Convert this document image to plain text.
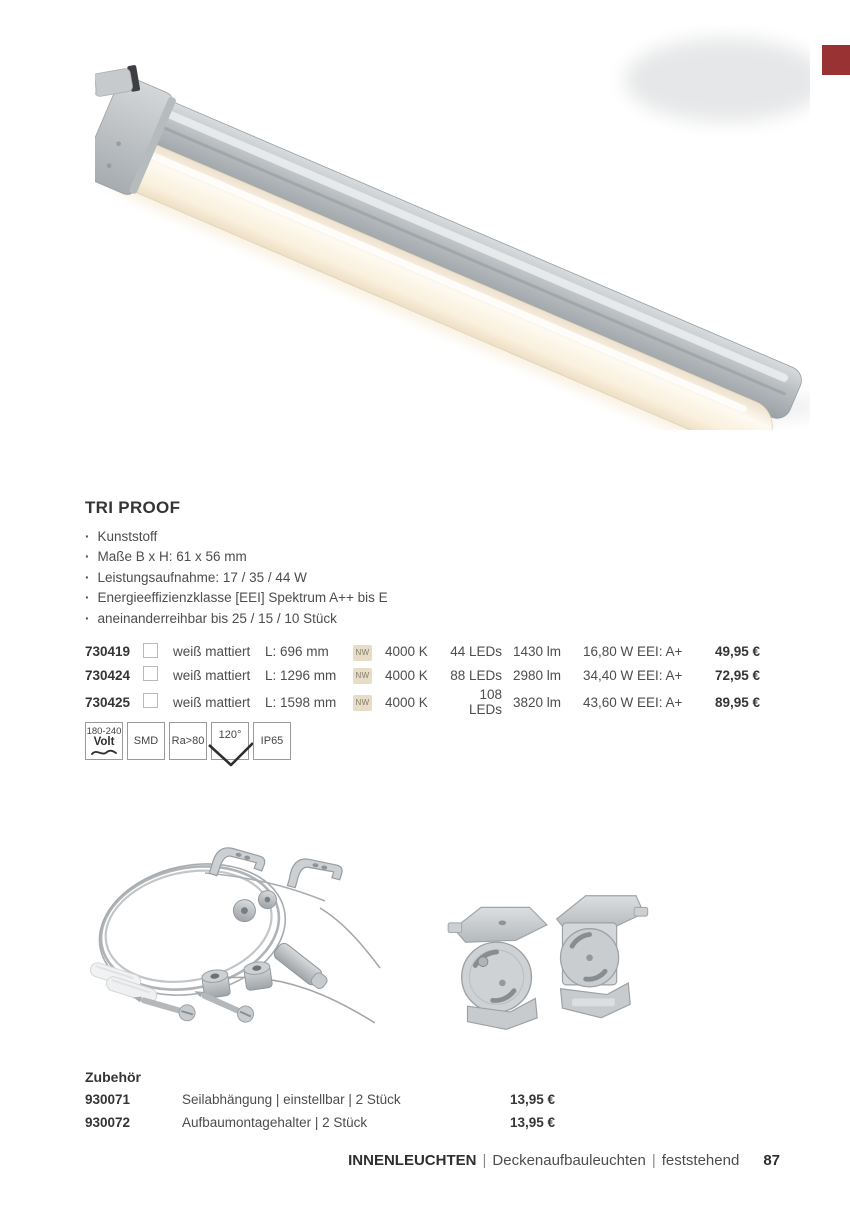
TRI PROOF
· Kunststoff
· Maße B x H: 61 x 56 mm
· Leistungsaufnahme: 17 / 35 / 44 W
· Energieeffizienzklasse [EEI] Spektrum A++ bis E
· aneinanderreihbar bis 25 / 15 / 10 Stück
730419	weiß mattiert	L: 696 mm	NW	4000 K	44 LEDs 1430 lm	16,80 W EEI: A+	49,95 €
730424	weiß mattiert	L: 1296 mm	NW	4000 K	88 LEDs 2980 lm	34,40 W EEI: A+	72,95 €
730425	weiß mattiert	L: 1598 mm	NW	4000 K	108 LEDs 3820 lm	43,60 W EEI: A+	89,95 €
180-240
Volt SMD Ra>80 120° IP65
Zubehör
930071	Seilabhängung | einstellbar | 2 Stück	13,95 €
930072	Aufbaumontagehalter | 2 Stück	13,95 €
INNENLEUCHTEN | Deckenaufbauleuchten | feststehend 87
